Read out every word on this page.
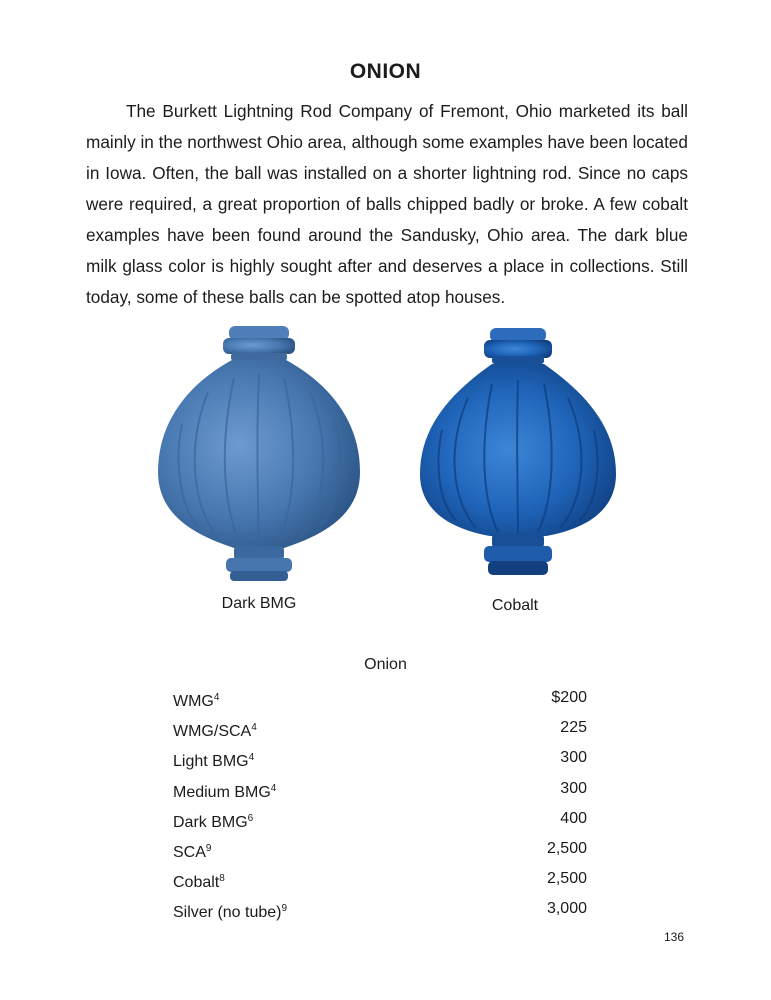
ONION

The Burkett Lightning Rod Company of Fremont, Ohio marketed its ball mainly in the northwest Ohio area, although some examples have been located in Iowa. Often, the ball was installed on a shorter lightning rod. Since no caps were required, a great proportion of balls chipped badly or broke. A few cobalt examples have been found around the Sandusky, Ohio area. The dark blue milk glass color is highly sought after and deserves a place in collections. Still today, some of these balls can be spotted atop houses.

Dark BMG	Cobalt
Onion
WMG$^4$	$200
WMG/SCA$^4$	225
Light BMG$^4$	300
Medium BMG$^4$	300
Dark BMG$^6$	400
SCA$^9$	2,500
Cobalt$^8$	2,500
Silver (no tube)$^9$	3,000
136
